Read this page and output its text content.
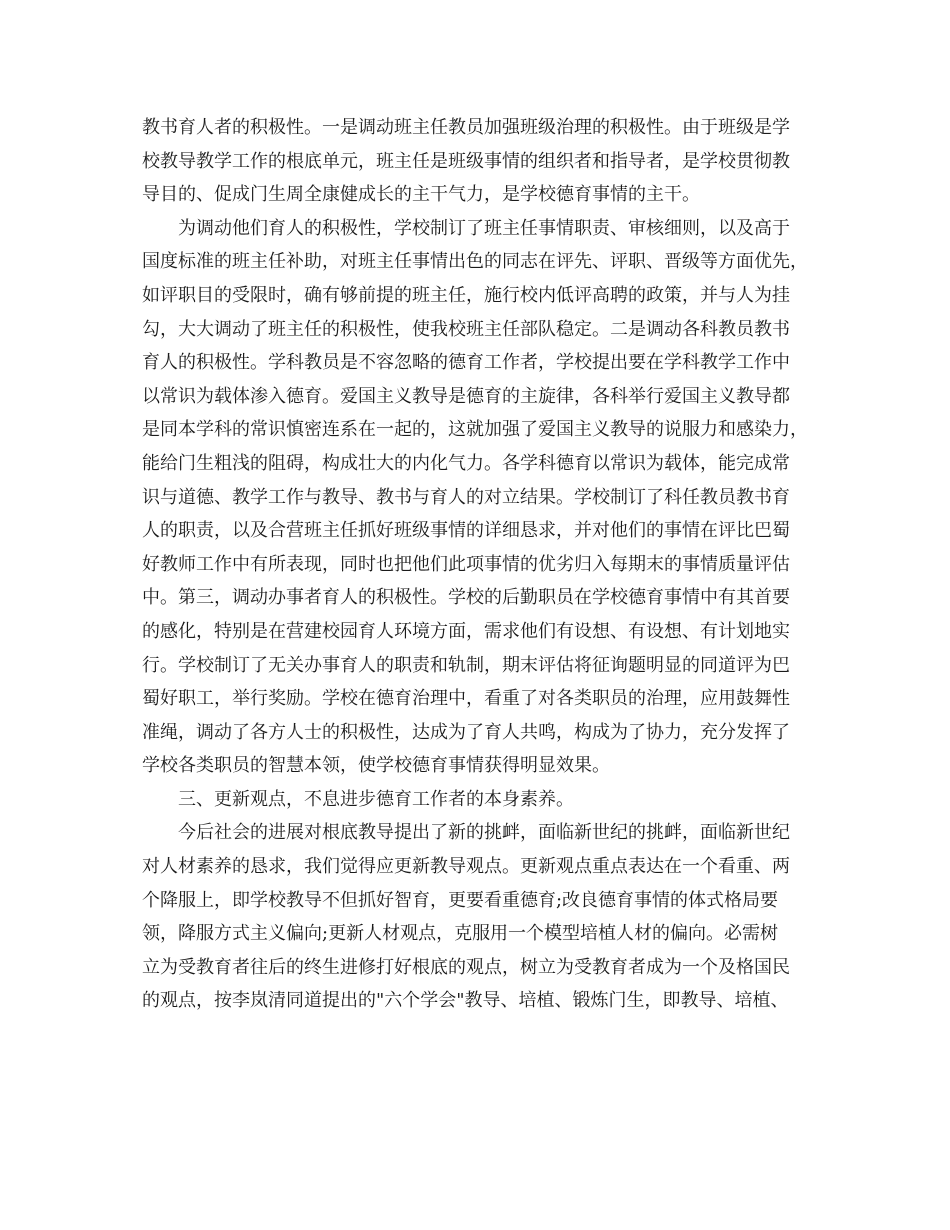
教书育人者的积极性。一是调动班主任教员加强班级治理的积极性。由于班级是学
校教导教学工作的根底单元，班主任是班级事情的组织者和指导者，是学校贯彻教
导目的、促成门生周全康健成长的主干气力，是学校德育事情的主干。
为调动他们育人的积极性，学校制订了班主任事情职责、审核细则，以及高于
国度标准的班主任补助，对班主任事情出色的同志在评先、评职、晋级等方面优先，
如评职目的受限时，确有够前提的班主任，施行校内低评高聘的政策，并与人为挂
勾，大大调动了班主任的积极性，使我校班主任部队稳定。二是调动各科教员教书
育人的积极性。学科教员是不容忽略的德育工作者，学校提出要在学科教学工作中
以常识为载体渗入德育。爱国主义教导是德育的主旋律，各科举行爱国主义教导都
是同本学科的常识慎密连系在一起的，这就加强了爱国主义教导的说服力和感染力，
能给门生粗浅的阻碍，构成壮大的内化气力。各学科德育以常识为载体，能完成常
识与道德、教学工作与教导、教书与育人的对立结果。学校制订了科任教员教书育
人的职责，以及合营班主任抓好班级事情的详细恳求，并对他们的事情在评比巴蜀
好教师工作中有所表现，同时也把他们此项事情的优劣归入每期末的事情质量评估
中。第三，调动办事者育人的积极性。学校的后勤职员在学校德育事情中有其首要
的感化，特别是在营建校园育人环境方面，需求他们有设想、有设想、有计划地实
行。学校制订了无关办事育人的职责和轨制，期末评估将征询题明显的同道评为巴
蜀好职工，举行奖励。学校在德育治理中，看重了对各类职员的治理，应用鼓舞性
准绳，调动了各方人士的积极性，达成为了育人共鸣，构成为了协力，充分发挥了
学校各类职员的智慧本领，使学校德育事情获得明显效果。
三、更新观点，不息进步德育工作者的本身素养。
今后社会的进展对根底教导提出了新的挑衅，面临新世纪的挑衅，面临新世纪
对人材素养的恳求，我们觉得应更新教导观点。更新观点重点表达在一个看重、两
个降服上，即学校教导不但抓好智育，更要看重德育;改良德育事情的体式格局要
领，降服方式主义偏向;更新人材观点，克服用一个模型培植人材的偏向。必需树
立为受教育者往后的终生进修打好根底的观点，树立为受教育者成为一个及格国民
的观点，按李岚清同道提出的"六个学会"教导、培植、锻炼门生，即教导、培植、
